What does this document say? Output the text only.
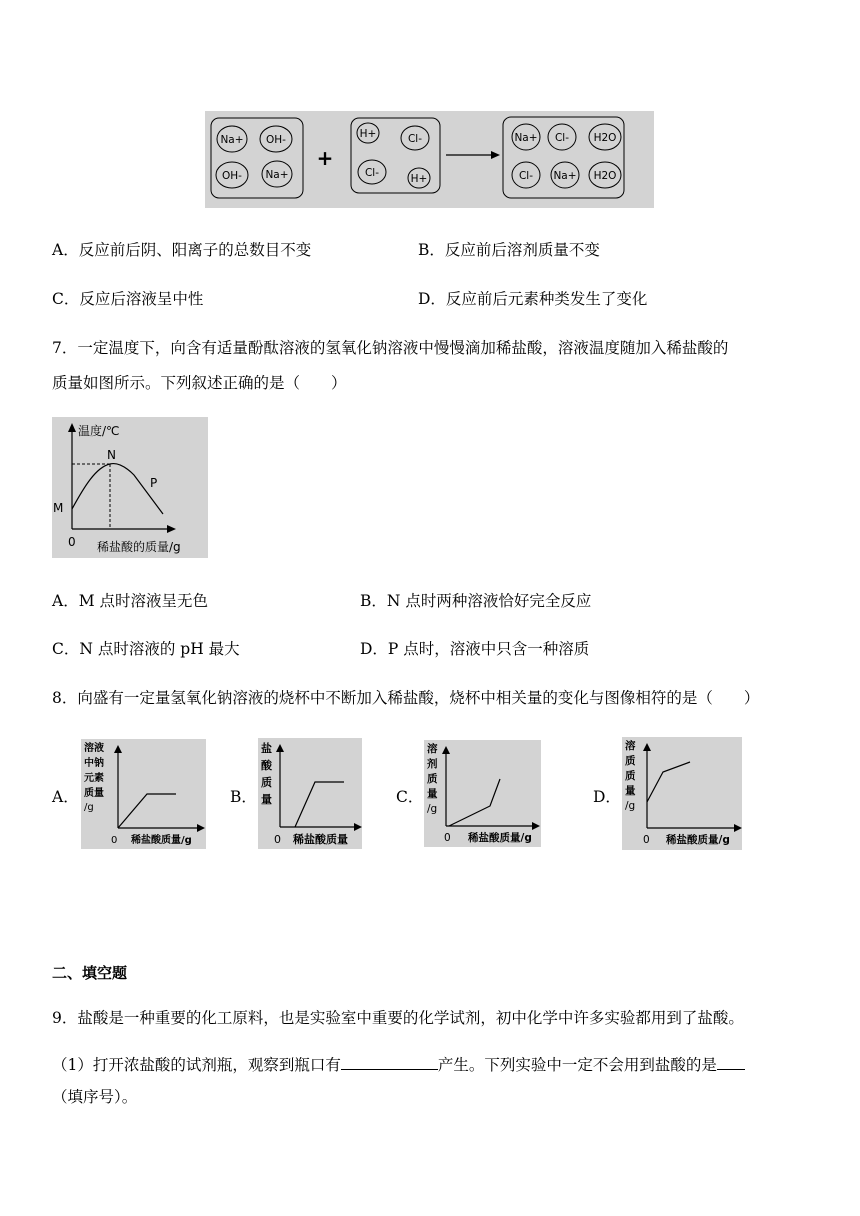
Na+ OH-
OH- Na+
H+	Cl-
Cl-	H+
Na+ Cl- H2O
Cl- Na+ H2O
+
A．反应前后阴、阳离子的总数目不变	B．反应前后溶剂质量不变
C．反应后溶液呈中性	D．反应前后元素种类发生了变化
7．一定温度下，向含有适量酚酞溶液的氢氧化钠溶液中慢慢滴加稀盐酸，溶液温度随加入稀盐酸的
质量如图所示。下列叙述正确的是（　　）
温度/℃
M
N
P
0 稀盐酸的质量/g
A．M 点时溶液呈无色	B．N 点时两种溶液恰好完全反应
C．N 点时溶液的 pH 最大	D．P 点时，溶液中只含一种溶质
8．向盛有一定量氢氧化钠溶液的烧杯中不断加入稀盐酸，烧杯中相关量的变化与图像相符的是（　　）
A．
溶液
中钠
元素
质量
/g
0 稀盐酸质量/g
B．
盐
酸
质
量
0 稀盐酸质量
C．
溶
剂
质
量
/g
0 稀盐酸质量/g
D．
溶
质
质
量
/g
0 稀盐酸质量/g
二、填空题
9．盐酸是一种重要的化工原料，也是实验室中重要的化学试剂，初中化学中许多实验都用到了盐酸。
（1）打开浓盐酸的试剂瓶，观察到瓶口有	产生。下列实验中一定不会用到盐酸的是
（填序号）。
